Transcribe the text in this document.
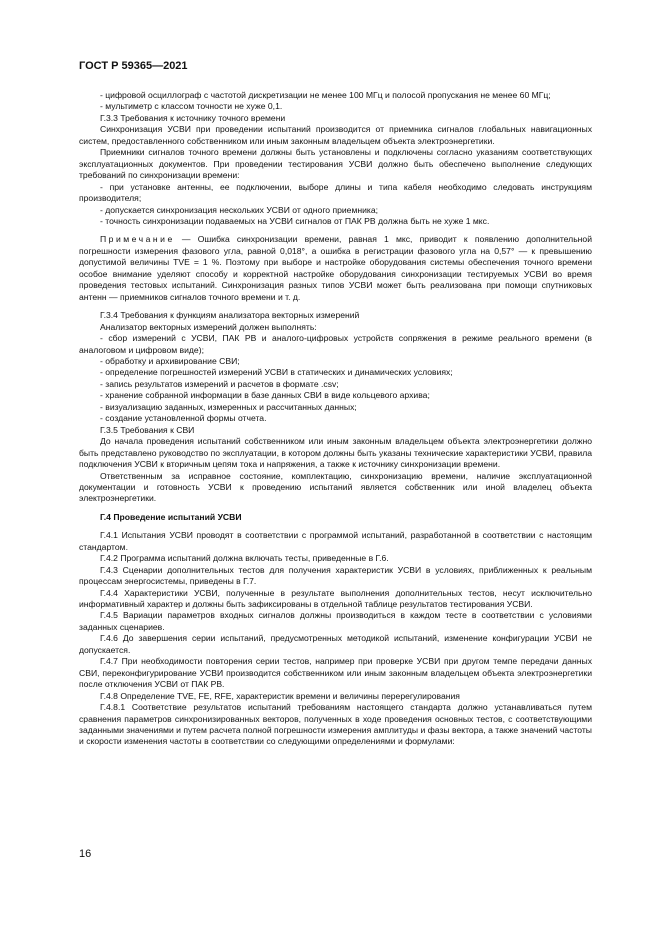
ГОСТ Р 59365—2021

- цифровой осциллограф с частотой дискретизации не менее 100 МГц и полосой пропускания не менее 60 МГц;

- мультиметр с классом точности не хуже 0,1.

Г.3.3 Требования к источнику точного времени

Синхронизация УСВИ при проведении испытаний производится от приемника сигналов глобальных навигационных систем, предоставленного собственником или иным законным владельцем объекта электроэнергетики.

Приемники сигналов точного времени должны быть установлены и подключены согласно указаниям соответствующих эксплуатационных документов. При проведении тестирования УСВИ должно быть обеспечено выполнение следующих требований по синхронизации времени:

- при установке антенны, ее подключении, выборе длины и типа кабеля необходимо следовать инструкциям производителя;

- допускается синхронизация нескольких УСВИ от одного приемника;

- точность синхронизации подаваемых на УСВИ сигналов от ПАК РВ должна быть не хуже 1 мкс.

Примечание — Ошибка синхронизации времени, равная 1 мкс, приводит к появлению дополнительной погрешности измерения фазового угла, равной 0,018°, а ошибка в регистрации фазового угла на 0,57° — к превышению допустимой величины TVE = 1 %. Поэтому при выборе и настройке оборудования системы обеспечения точного времени особое внимание уделяют способу и корректной настройке оборудования синхронизации тестируемых УСВИ во время проведения тестовых испытаний. Синхронизация разных типов УСВИ может быть реализована при помощи спутниковых антенн — приемников сигналов точного времени и т. д.

Г.3.4 Требования к функциям анализатора векторных измерений

Анализатор векторных измерений должен выполнять:

- сбор измерений с УСВИ, ПАК РВ и аналого-цифровых устройств сопряжения в режиме реального времени (в аналоговом и цифровом виде);

- обработку и архивирование СВИ;

- определение погрешностей измерений УСВИ в статических и динамических условиях;

- запись результатов измерений и расчетов в формате .csv;

- хранение собранной информации в базе данных СВИ в виде кольцевого архива;

- визуализацию заданных, измеренных и рассчитанных данных;

- создание установленной формы отчета.

Г.3.5 Требования к СВИ

До начала проведения испытаний собственником или иным законным владельцем объекта электроэнергетики должно быть представлено руководство по эксплуатации, в котором должны быть указаны технические характеристики УСВИ, правила подключения УСВИ к вторичным цепям тока и напряжения, а также к источнику синхронизации времени.

Ответственным за исправное состояние, комплектацию, синхронизацию времени, наличие эксплуатационной документации и готовность УСВИ к проведению испытаний является собственник или иной владелец объекта электроэнергетики.

Г.4 Проведение испытаний УСВИ

Г.4.1 Испытания УСВИ проводят в соответствии с программой испытаний, разработанной в соответствии с настоящим стандартом.

Г.4.2 Программа испытаний должна включать тесты, приведенные в Г.6.

Г.4.3 Сценарии дополнительных тестов для получения характеристик УСВИ в условиях, приближенных к реальным процессам энергосистемы, приведены в Г.7.

Г.4.4 Характеристики УСВИ, полученные в результате выполнения дополнительных тестов, несут исключительно информативный характер и должны быть зафиксированы в отдельной таблице результатов тестирования УСВИ.

Г.4.5 Вариации параметров входных сигналов должны производиться в каждом тесте в соответствии с условиями заданных сценариев.

Г.4.6 До завершения серии испытаний, предусмотренных методикой испытаний, изменение конфигурации УСВИ не допускается.

Г.4.7 При необходимости повторения серии тестов, например при проверке УСВИ при другом темпе передачи данных СВИ, переконфигурирование УСВИ производится собственником или иным законным владельцем объекта электроэнергетики после отключения УСВИ от ПАК РВ.

Г.4.8 Определение TVE, FE, RFE, характеристик времени и величины перерегулирования

Г.4.8.1 Соответствие результатов испытаний требованиям настоящего стандарта должно устанавливаться путем сравнения параметров синхронизированных векторов, полученных в ходе проведения основных тестов, с соответствующими заданными значениями и путем расчета полной погрешности измерения амплитуды и фазы вектора, а также значений частоты и скорости изменения частоты в соответствии со следующими определениями и формулами:

16
